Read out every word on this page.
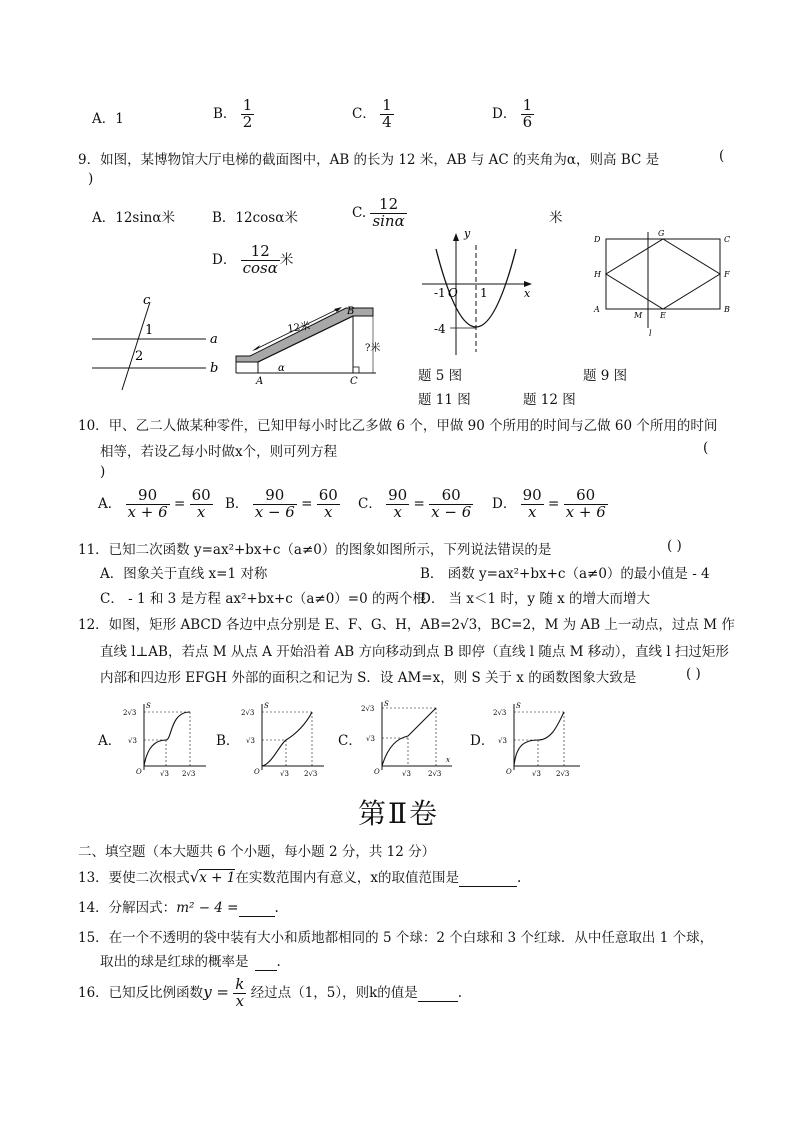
A．1	B． $\frac{1}{2}$	C． $\frac{1}{4}$	D． $\frac{1}{6}$
9．如图，某博物馆大厅电梯的截面图中，AB 的长为 12 米，AB 与 AC 的夹角为α，则高 BC 是	(
)
A．12sinα米	B．12cosα米	C. $\frac{12}{\sin\alpha}$	米
D． $\frac{12}{\cos\alpha}$ 米
c
1
2
a
b
12米
B
?米
A
α
C
y
x
-1 O 1
-4
D
G
C
H	F
A
M E
B
l
题 5 图	题 9 图
题 11 图	题 12 图
10．甲、乙二人做某种零件，已知甲每小时比乙多做 6 个，甲做 90 个所用的时间与乙做 60 个所用的时间
相等，若设乙每小时做x个，则可列方程	(
)
A． $\frac{90}{x + 6} = \frac{60}{x}$ B． $\frac{90}{x - 6} = \frac{60}{x}$ C． $\frac{90}{x} = \frac{60}{x - 6}$ D． $\frac{90}{x} = \frac{60}{x + 6}$
11．已知二次函数 y=ax²+bx+c（a≠0）的图象如图所示，下列说法错误的是	( )
A．图象关于直线 x=1 对称	B． 函数 y=ax²+bx+c（a≠0）的最小值是 - 4
C． - 1 和 3 是方程 ax²+bx+c（a≠0）=0 的两个根
D． 当 x＜1 时，y 随 x 的增大而增大
12．如图，矩形 ABCD 各边中点分别是 E、F、G、H，AB=2√3，BC=2，M 为 AB 上一动点，过点 M 作
直线 l⊥AB，若点 M 从点 A 开始沿着 AB 方向移动到点 B 即停（直线 l 随点 M 移动），直线 l 扫过矩形
内部和四边形 EFGH 外部的面积之和记为 S．设 AM=x，则 S 关于 x 的函数图象大致是	( )
A．
S
2√3
√3
O	√3 2√3
B．
S
2√3
√3
O	√3 2√3
C．
S
x
2√3
√3
O	√3 2√3
D．
S
2√3
√3
O	√3 2√3
第Ⅱ卷
二、填空题（本大题共 6 个小题，每小题 2 分，共 12 分）
13．要使二次根式√x + 1在实数范围内有意义，x的取值范围是	.
14．分解因式：m² − 4 =	.
15．在一个不透明的袋中装有大小和质地都相同的 5 个球：2 个白球和 3 个红球．从中任意取出 1 个球，
取出的球是红球的概率是 .
16．已知反比例函数$y = \frac{k}{x}$ 经过点（1，5），则k的值是	.
